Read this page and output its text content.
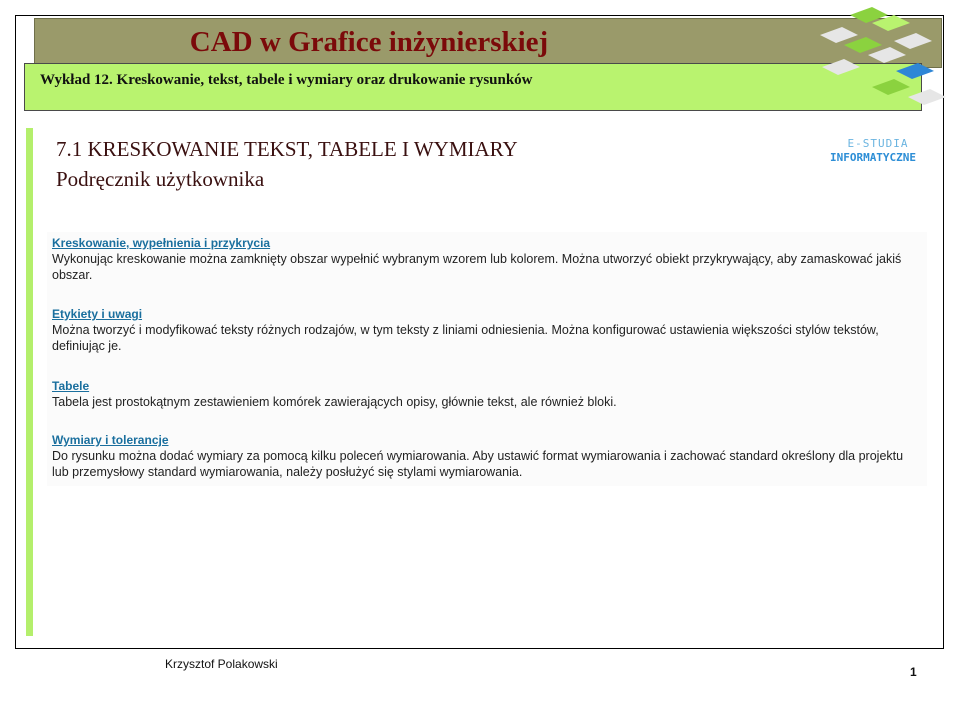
CAD w Grafice inżynierskiej
Wykład 12. Kreskowanie, tekst, tabele i wymiary oraz drukowanie rysunków
E-STUDIA
INFORMATYCZNE
7.1 KRESKOWANIE TEKST, TABELE I WYMIARY
Podręcznik użytkownika
Kreskowanie, wypełnienia i przykrycia
Wykonując kreskowanie można zamknięty obszar wypełnić wybranym wzorem lub kolorem. Można utworzyć obiekt przykrywający, aby zamaskować jakiś obszar.
Etykiety i uwagi
Można tworzyć i modyfikować teksty różnych rodzajów, w tym teksty z liniami odniesienia. Można konfigurować ustawienia większości stylów tekstów, definiując je.
Tabele
Tabela jest prostokątnym zestawieniem komórek zawierających opisy, głównie tekst, ale również bloki.
Wymiary i tolerancje
Do rysunku można dodać wymiary za pomocą kilku poleceń wymiarowania. Aby ustawić format wymiarowania i zachować standard określony dla projektu lub przemysłowy standard wymiarowania, należy posłużyć się stylami wymiarowania.
Krzysztof Polakowski
1
